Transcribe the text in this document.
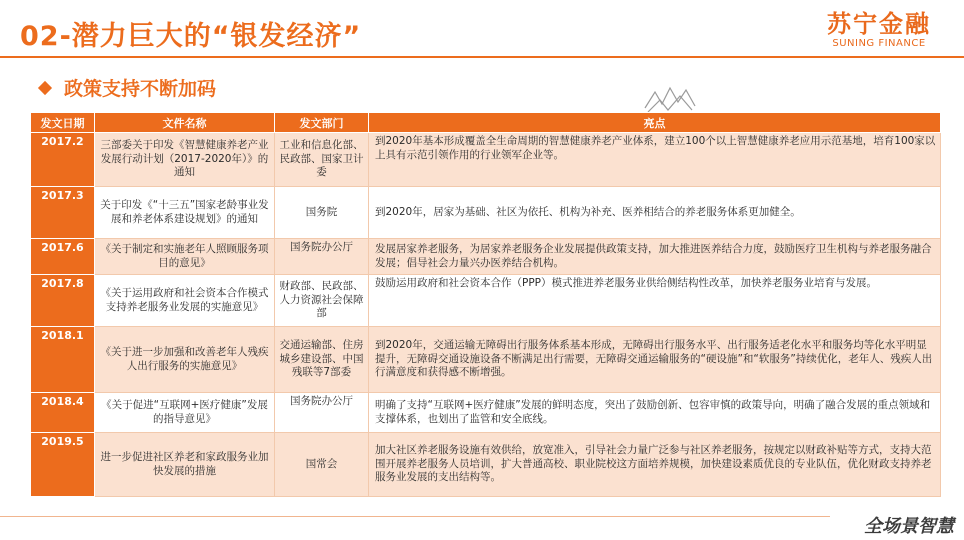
02-潜力巨大的“银发经济”	苏宁金融
SUNING FINANCE
政策支持不断加码
发文日期	文件名称	发文部门	亮点
2017.2	三部委关于印发《智慧健康养老产业发展行动计划（2017-2020年）》的通知	工业和信息化部、民政部、国家卫计委	到2020年基本形成覆盖全生命周期的智慧健康养老产业体系，建立100个以上智慧健康养老应用示范基地，培育100家以上具有示范引领作用的行业领军企业等。
2017.3	关于印发《“十三五”国家老龄事业发展和养老体系建设规划》的通知	国务院	到2020年，居家为基础、社区为依托、机构为补充、医养相结合的养老服务体系更加健全。
2017.6	《关于制定和实施老年人照顾服务项目的意见》	国务院办公厅	发展居家养老服务，为居家养老服务企业发展提供政策支持，加大推进医养结合力度，鼓励医疗卫生机构与养老服务融合发展；倡导社会力量兴办医养结合机构。
2017.8	《关于运用政府和社会资本合作模式支持养老服务业发展的实施意见》	财政部、民政部、人力资源社会保障部	鼓励运用政府和社会资本合作（PPP）模式推进养老服务业供给侧结构性改革，加快养老服务业培育与发展。
2018.1	《关于进一步加强和改善老年人残疾人出行服务的实施意见》	交通运输部、住房城乡建设部、中国残联等7部委	到2020年，交通运输无障碍出行服务体系基本形成，无障碍出行服务水平、出行服务适老化水平和服务均等化水平明显提升，无障碍交通设施设备不断满足出行需要，无障碍交通运输服务的“硬设施”和“软服务”持续优化，老年人、残疾人出行满意度和获得感不断增强。
2018.4	《关于促进“互联网+医疗健康”发展的指导意见》	国务院办公厅	明确了支持“互联网+医疗健康”发展的鲜明态度，突出了鼓励创新、包容审慎的政策导向，明确了融合发展的重点领域和支撑体系，也划出了监管和安全底线。
2019.5	进一步促进社区养老和家政服务业加快发展的措施	国常会	加大社区养老服务设施有效供给，放宽准入，引导社会力量广泛参与社区养老服务，按规定以财政补贴等方式，支持大范围开展养老服务人员培训，扩大普通高校、职业院校这方面培养规模，加快建设素质优良的专业队伍，优化财政支持养老服务业发展的支出结构等。
全场景智慧
